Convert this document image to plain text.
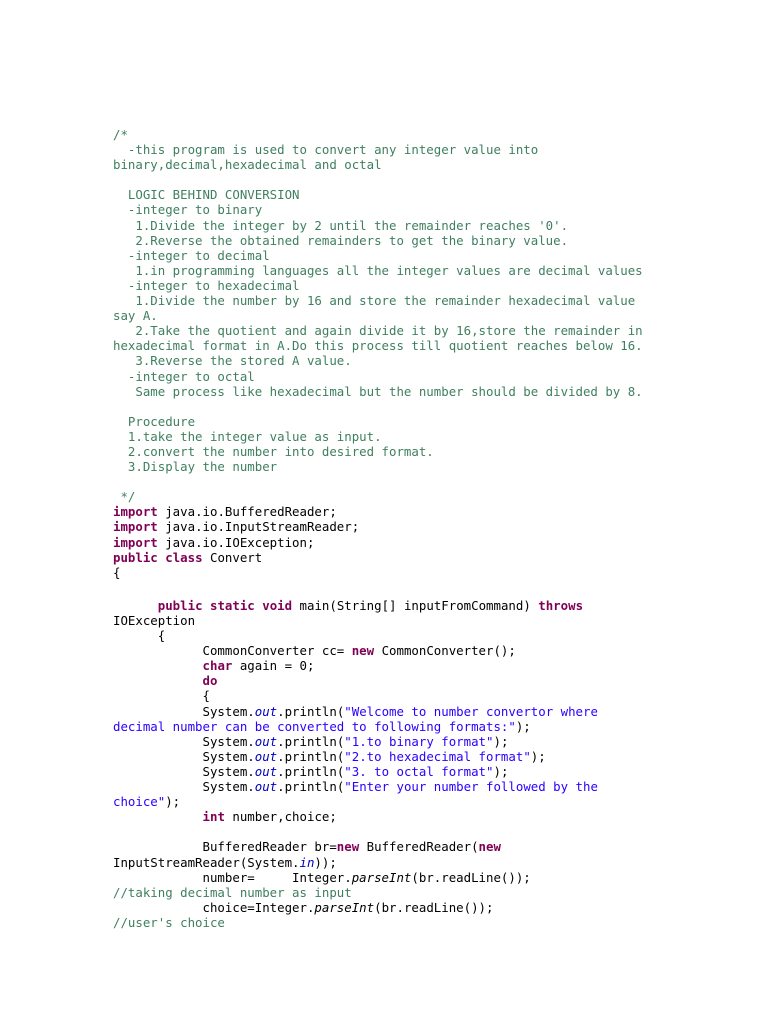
/*
-this program is used to convert any integer value into
binary,decimal,hexadecimal and octal
LOGIC BEHIND CONVERSION
-integer to binary
1.Divide the integer by 2 until the remainder reaches '0'.
2.Reverse the obtained remainders to get the binary value.
-integer to decimal
1.in programming languages all the integer values are decimal values
-integer to hexadecimal
1.Divide the number by 16 and store the remainder hexadecimal value
say A.
2.Take the quotient and again divide it by 16,store the remainder in
hexadecimal format in A.Do this process till quotient reaches below 16.
3.Reverse the stored A value.
-integer to octal
Same process like hexadecimal but the number should be divided by 8.
Procedure
1.take the integer value as input.
2.convert the number into desired format.
3.Display the number
*/
import java.io.BufferedReader;
import java.io.InputStreamReader;
import java.io.IOException;
public class Convert
{
public static void main(String[] inputFromCommand) throws
IOException
{
CommonConverter cc= new CommonConverter();
char again = 0;
do
{
System.out.println("Welcome to number convertor where
decimal number can be converted to following formats:");
System.out.println("1.to binary format");
System.out.println("2.to hexadecimal format");
System.out.println("3. to octal format");
System.out.println("Enter your number followed by the
choice");
int number,choice;
BufferedReader br=new BufferedReader(new
InputStreamReader(System.in));
number=     Integer.parseInt(br.readLine());
//taking decimal number as input
choice=Integer.parseInt(br.readLine());
//user's choice
